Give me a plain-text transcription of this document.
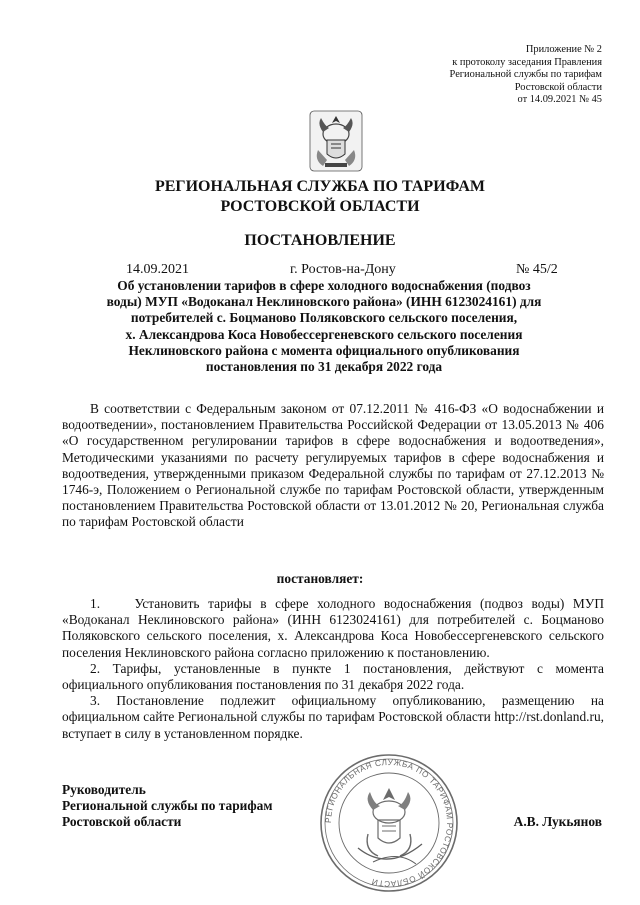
Приложение № 2
к протоколу заседания Правления
Региональной службы по тарифам
Ростовской области
от 14.09.2021 № 45
РЕГИОНАЛЬНАЯ СЛУЖБА ПО ТАРИФАМ
РОСТОВСКОЙ ОБЛАСТИ
ПОСТАНОВЛЕНИЕ
14.09.2021	г. Ростов-на-Дону	№ 45/2
Об установлении тарифов в сфере холодного водоснабжения (подвоз
воды) МУП «Водоканал Неклиновского района» (ИНН 6123024161) для
потребителей с. Боцманово Поляковского сельского поселения,
х. Александрова Коса Новобессергеневского сельского поселения
Неклиновского района с момента официального опубликования
постановления по 31 декабря 2022 года

В соответствии с Федеральным законом от 07.12.2011 № 416-ФЗ «О водоснабжении и водоотведении», постановлением Правительства Российской Федерации от 13.05.2013 № 406 «О государственном регулировании тарифов в сфере водоснабжения и водоотведения», Методическими указаниями по расчету регулируемых тарифов в сфере водоснабжения и водоотведения, утвержденными приказом Федеральной службы по тарифам от 27.12.2013 № 1746-э, Положением о Региональной службе по тарифам Ростовской области, утвержденным постановлением Правительства Ростовской области от 13.01.2012 № 20, Региональная служба по тарифам Ростовской области

постановляет:

1.    Установить тарифы в сфере холодного водоснабжения (подвоз воды) МУП «Водоканал Неклиновского района» (ИНН 6123024161) для потребителей с. Боцманово Поляковского сельского поселения, х. Александрова Коса Новобессергеневского сельского поселения Неклиновского района согласно приложению к постановлению.

2. Тарифы, установленные в пункте 1 постановления, действуют с момента официального опубликования постановления по 31 декабря 2022 года.

3. Постановление подлежит официальному опубликованию, размещению на официальном сайте Региональной службы по тарифам Ростовской области http://rst.donland.ru, вступает в силу в установленном порядке.

РЕГИОНАЛЬНАЯ СЛУЖБА ПО ТАРИФАМ РОСТОВСКОЙ ОБЛАСТИ
Руководитель
Региональной службы по тарифам
Ростовской области	А.В. Лукьянов
